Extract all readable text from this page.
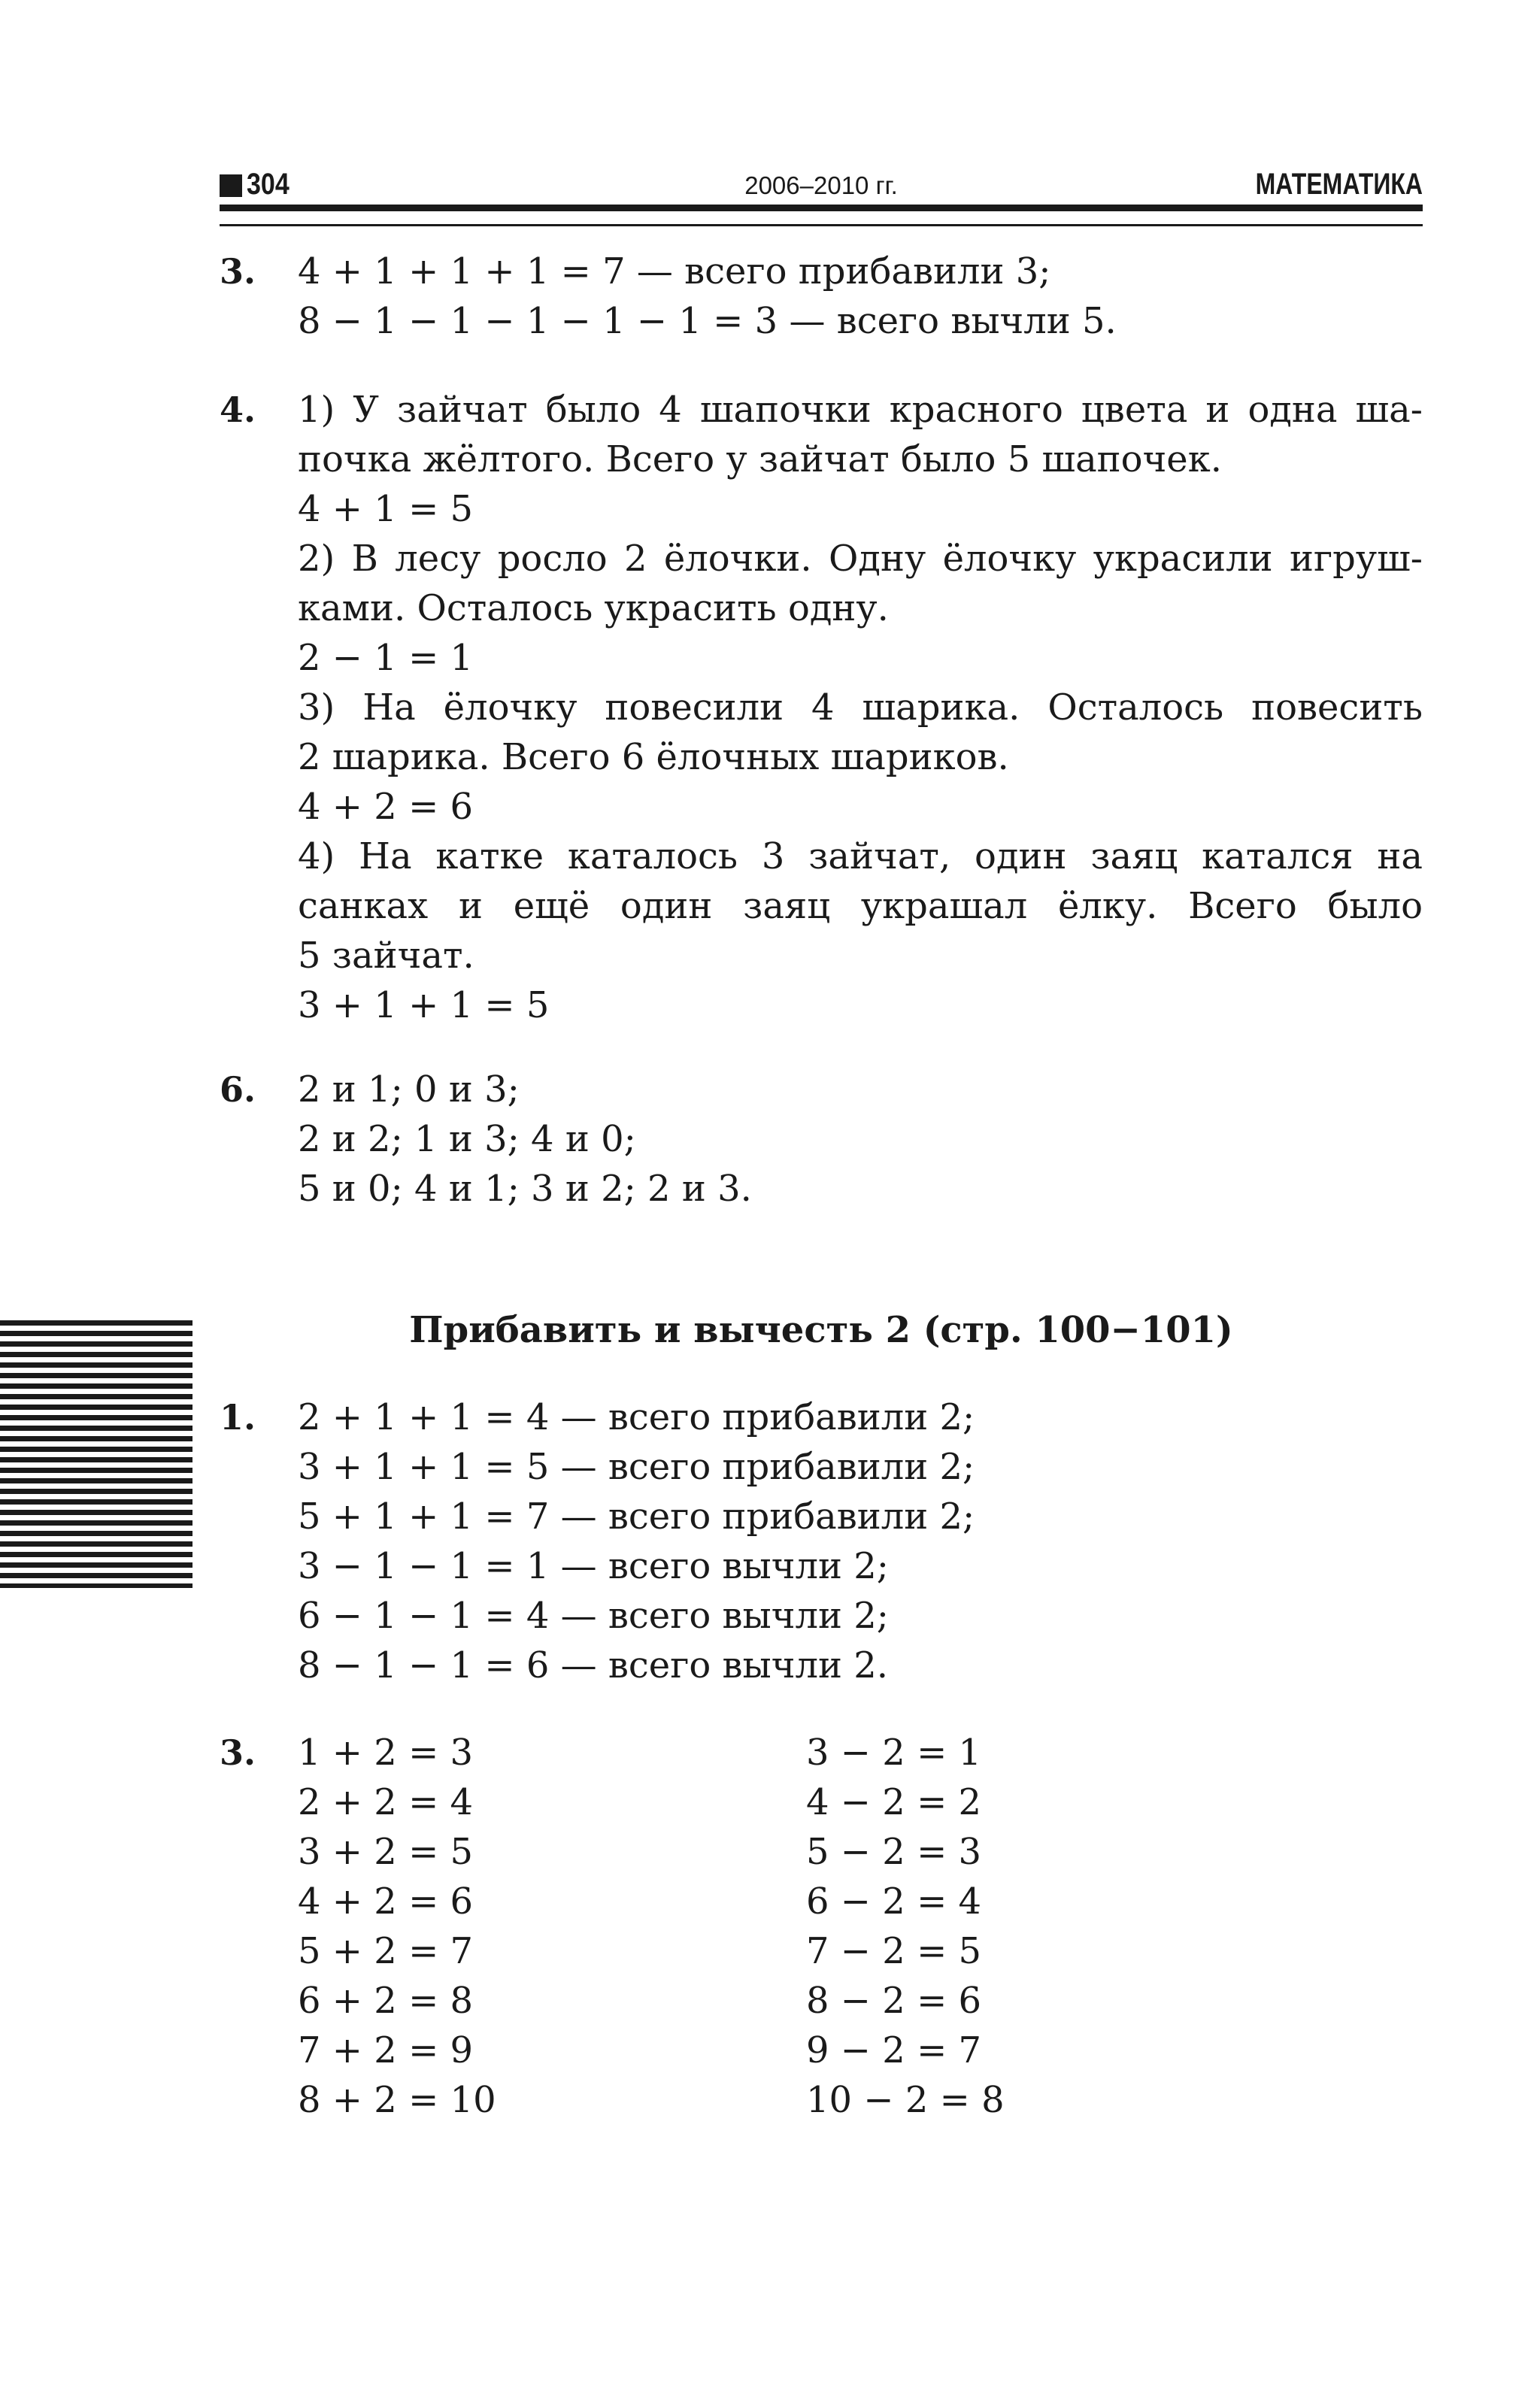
304	2006–2010 гг.	МАТЕМАТИКА
3. 4 + 1 + 1 + 1 = 7 — всего прибавили 3;
8 − 1 − 1 − 1 − 1 − 1 = 3 — всего вычли 5.
4. 1) У зайчат было 4 шапочки красного цвета и одна ша-
почка жёлтого. Всего у зайчат было 5 шапочек.
4 + 1 = 5
2) В лесу росло 2 ёлочки. Одну ёлочку украсили игруш-
ками. Осталось украсить одну.
2 − 1 = 1
3) На ёлочку повесили 4 шарика. Осталось повесить
2 шарика. Всего 6 ёлочных шариков.
4 + 2 = 6
4) На катке каталось 3 зайчат, один заяц катался на
санках и ещё один заяц украшал ёлку. Всего было
5 зайчат.
3 + 1 + 1 = 5
6. 2 и 1; 0 и 3;
2 и 2; 1 и 3; 4 и 0;
5 и 0; 4 и 1; 3 и 2; 2 и 3.
Прибавить и вычесть 2 (стр. 100−101)
1. 2 + 1 + 1 = 4 — всего прибавили 2;
3 + 1 + 1 = 5 — всего прибавили 2;
5 + 1 + 1 = 7 — всего прибавили 2;
3 − 1 − 1 = 1 — всего вычли 2;
6 − 1 − 1 = 4 — всего вычли 2;
8 − 1 − 1 = 6 — всего вычли 2.
3. 1 + 2 = 3
2 + 2 = 4
3 + 2 = 5
4 + 2 = 6
5 + 2 = 7
6 + 2 = 8
7 + 2 = 9
8 + 2 = 10
3 − 2 = 1
4 − 2 = 2
5 − 2 = 3
6 − 2 = 4
7 − 2 = 5
8 − 2 = 6
9 − 2 = 7
10 − 2 = 8
